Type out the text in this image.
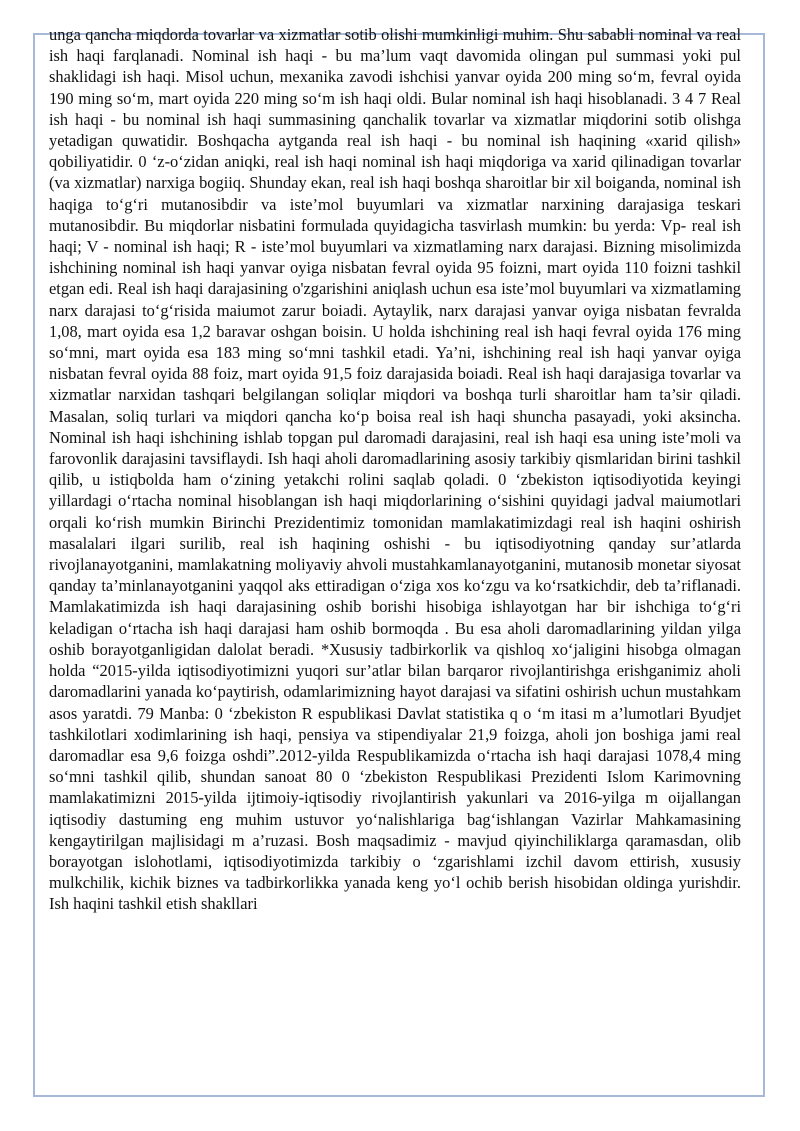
unga qancha miqdorda tovarlar va xizmatlar sotib olishi mumkinligi muhim. Shu sababli nominal va real ish haqi farqlanadi. Nominal ish haqi - bu ma’lum vaqt davomida olingan pul summasi yoki pul shaklidagi ish haqi. Misol uchun, mexanika zavodi ishchisi yanvar oyida 200 ming so‘m, fevral oyida 190 ming so‘m, mart oyida 220 ming so‘m ish haqi oldi. Bular nominal ish haqi hisoblanadi. 3 4 7 Real ish haqi - bu nominal ish haqi summasining qanchalik tovarlar va xizmatlar miqdorini sotib olishga yetadigan quwatidir. Boshqacha aytganda real ish haqi - bu nominal ish haqining «xarid qilish» qobiliyatidir. 0 ‘z-o‘zidan aniqki, real ish haqi nominal ish haqi miqdoriga va xarid qilinadigan tovarlar (va xizmatlar) narxiga bogiiq. Shunday ekan, real ish haqi boshqa sharoitlar bir xil boiganda, nominal ish haqiga to‘g‘ri mutanosibdir va iste’mol buyumlari va xizmatlar narxining darajasiga teskari mutanosibdir. Bu miqdorlar nisbatini formulada quyidagicha tasvirlash mumkin: bu yerda: Vp- real ish haqi; V - nominal ish haqi; R - iste’mol buyumlari va xizmatlaming narx darajasi. Bizning misolimizda ishchining nominal ish haqi yanvar oyiga nisbatan fevral oyida 95 foizni, mart oyida 110 foizni tashkil etgan edi. Real ish haqi darajasining o'zgarishini aniqlash uchun esa iste’mol buyumlari va xizmatlaming narx darajasi to‘g‘risida maiumot zarur boiadi. Aytaylik, narx darajasi yanvar oyiga nisbatan fevralda 1,08, mart oyida esa 1,2 baravar oshgan boisin. U holda ishchining real ish haqi fevral oyida 176 ming so‘mni, mart oyida esa 183 ming so‘mni tashkil etadi. Ya’ni, ishchining real ish haqi yanvar oyiga nisbatan fevral oyida 88 foiz, mart oyida 91,5 foiz darajasida boiadi. Real ish haqi darajasiga tovarlar va xizmatlar narxidan tashqari belgilangan soliqlar miqdori va boshqa turli sharoitlar ham ta’sir qiladi. Masalan, soliq turlari va miqdori qancha ko‘p boisa real ish haqi shuncha pasayadi, yoki aksincha. Nominal ish haqi ishchining ishlab topgan pul daromadi darajasini, real ish haqi esa uning iste’moli va farovonlik darajasini tavsiflaydi. Ish haqi aholi daromadlarining asosiy tarkibiy qismlaridan birini tashkil qilib, u istiqbolda ham o‘zining yetakchi rolini saqlab qoladi. 0 ‘zbekiston iqtisodiyotida keyingi yillardagi o‘rtacha nominal hisoblangan ish haqi miqdorlarining o‘sishini quyidagi jadval maiumotlari orqali ko‘rish mumkin Birinchi Prezidentimiz tomonidan mamlakatimizdagi real ish haqini oshirish masalalari ilgari surilib, real ish haqining oshishi - bu iqtisodiyotning qanday sur’atlarda rivojlanayotganini, mamlakatning moliyaviy ahvoli mustahkamlanayotganini, mutanosib monetar siyosat qanday ta’minlanayotganini yaqqol aks ettiradigan o‘ziga xos ko‘zgu va ko‘rsatkichdir, deb ta’riflanadi. Mamlakatimizda ish haqi darajasining oshib borishi hisobiga ishlayotgan har bir ishchiga to‘g‘ri keladigan o‘rtacha ish haqi darajasi ham oshib bormoqda . Bu esa aholi daromadlarining yildan yilga oshib borayotganligidan dalolat beradi. *Xususiy tadbirkorlik va qishloq xo‘jaligini hisobga olmagan holda “2015-yilda iqtisodiyotimizni yuqori sur’atlar bilan barqaror rivojlantirishga erishganimiz aholi daromadlarini yanada ko‘paytirish, odamlarimizning hayot darajasi va sifatini oshirish uchun mustahkam asos yaratdi. 79 Manba: 0 ‘zbekiston R espublikasi Davlat statistika q o ‘m itasi m a’lumotlari Byudjet tashkilotlari xodimlarining ish haqi, pensiya va stipendiyalar 21,9 foizga, aholi jon boshiga jami real daromadlar esa 9,6 foizga oshdi”.2012-yilda Respublikamizda o‘rtacha ish haqi darajasi 1078,4 ming so‘mni tashkil qilib, shundan sanoat 80 0 ‘zbekiston Respublikasi Prezidenti Islom Karimovning mamlakatimizni 2015-yilda ijtimoiy-iqtisodiy rivojlantirish yakunlari va 2016-yilga m oijallangan iqtisodiy dastuming eng muhim ustuvor yo‘nalishlariga bag‘ishlangan Vazirlar Mahkamasining kengaytirilgan majlisidagi m a’ruzasi. Bosh maqsadimiz - mavjud qiyinchiliklarga qaramasdan, olib borayotgan islohotlami, iqtisodiyotimizda tarkibiy o ‘zgarishlami izchil davom ettirish, xususiy mulkchilik, kichik biznes va tadbirkorlikka yanada keng yo‘l ochib berish hisobidan oldinga yurishdir. Ish haqini tashkil etish shakllari
